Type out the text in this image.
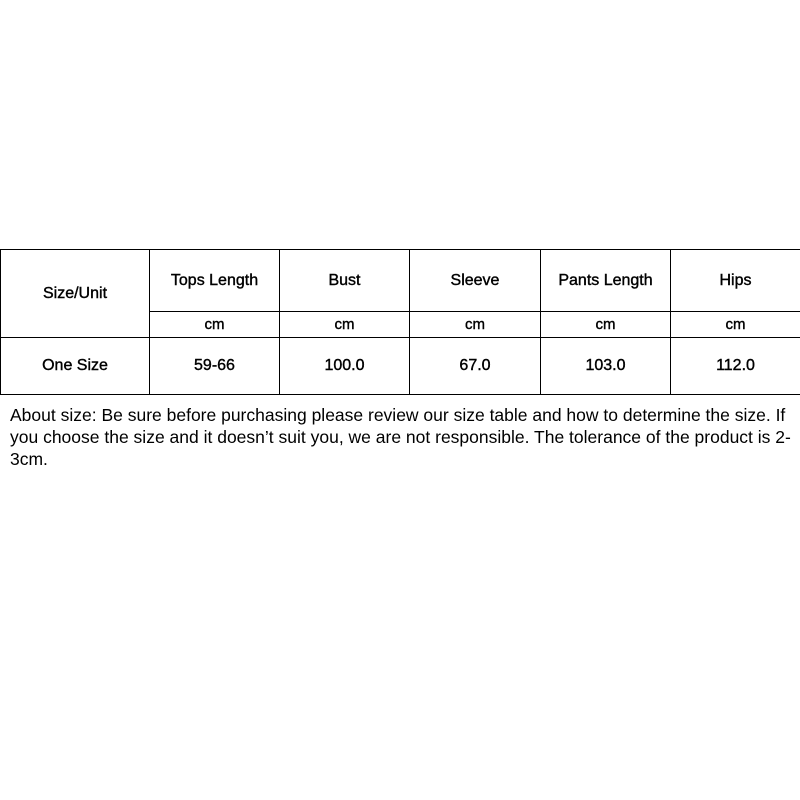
Size/Unit	Tops Length	Bust	Sleeve	Pants Length	Hips
	cm	cm	cm	cm	cm
One Size	59-66	100.0	67.0	103.0	112.0

About size: Be sure before purchasing please review our size table and how to determine the size. If you choose the size and it doesn’t suit you, we are not responsible. The tolerance of the product is 2-3cm.
